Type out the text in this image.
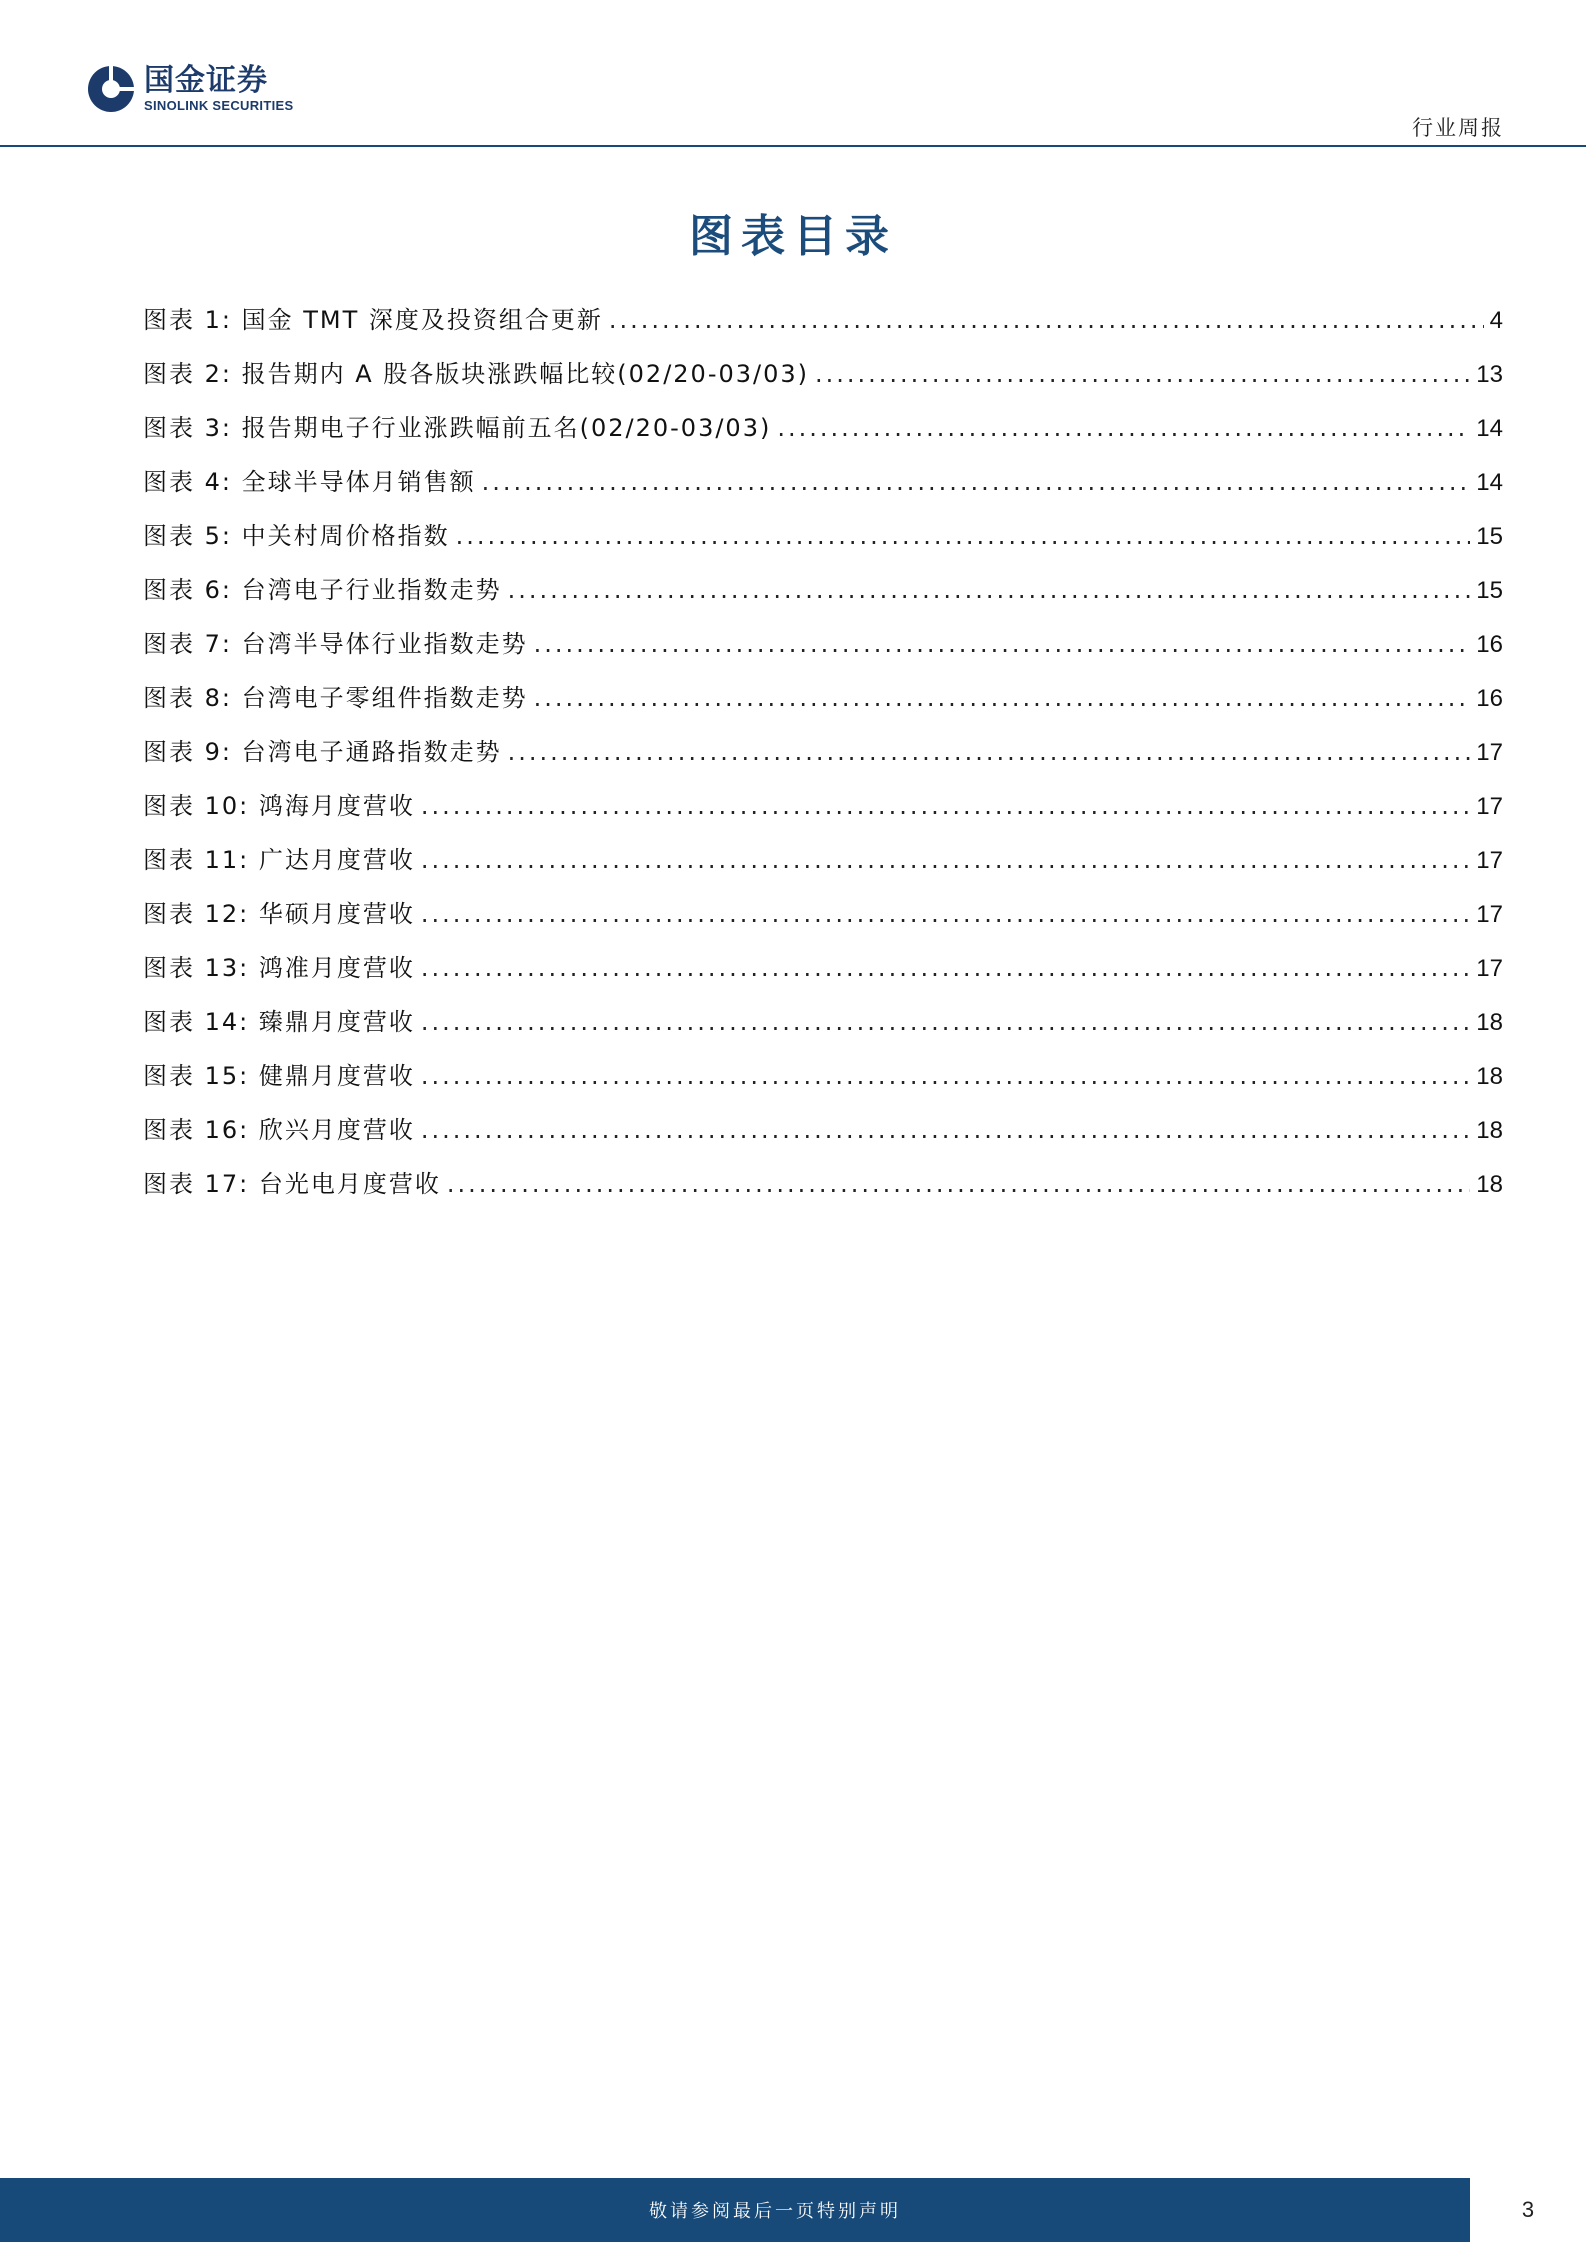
国金证券
SINOLINK SECURITIES
行业周报
图表目录
图表 1: 国金 TMT 深度及投资组合更新 .....	4
图表 2: 报告期内 A 股各版块涨跌幅比较(02/20-03/03) .....	13
图表 3: 报告期电子行业涨跌幅前五名(02/20-03/03) .....	14
图表 4: 全球半导体月销售额 .....	14
图表 5: 中关村周价格指数 .....	15
图表 6: 台湾电子行业指数走势 .....	15
图表 7: 台湾半导体行业指数走势 .....	16
图表 8: 台湾电子零组件指数走势 .....	16
图表 9: 台湾电子通路指数走势 .....	17
图表 10: 鸿海月度营收 .....	17
图表 11: 广达月度营收 .....	17
图表 12: 华硕月度营收 .....	17
图表 13: 鸿准月度营收 .....	17
图表 14: 臻鼎月度营收 .....	18
图表 15: 健鼎月度营收 .....	18
图表 16: 欣兴月度营收 .....	18
图表 17: 台光电月度营收 .....	18
敬请参阅最后一页特别声明	3
